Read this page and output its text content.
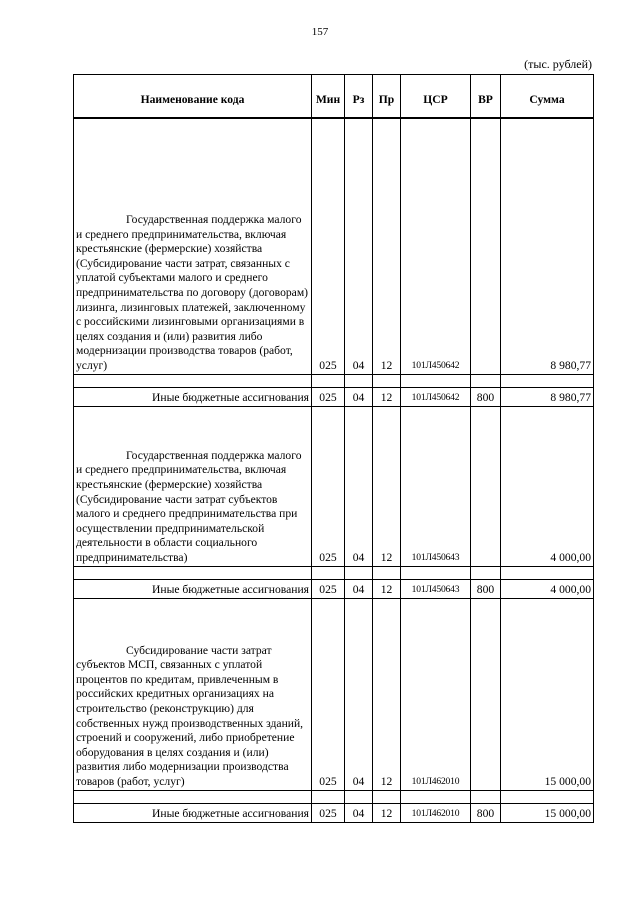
157
(тыс. рублей)
Наименование кода	Мин	Рз	Пр	ЦСР	ВР	Сумма
Государственная поддержка малого и среднего предпринимательства, включая крестьянские (фермерские) хозяйства (Субсидирование части затрат, связанных с уплатой субъектами малого и среднего предпринимательства по договору (договорам) лизинга, лизинговых платежей, заключенному с российскими лизинговыми организациями в целях создания и (или) развития либо модернизации производства товаров (работ, услуг)	025	04	12	101Л450642		8 980,77

Иные бюджетные ассигнования	025	04	12	101Л450642	800	8 980,77
Государственная поддержка малого и среднего предпринимательства, включая крестьянские (фермерские) хозяйства (Субсидирование части затрат субъектов малого и среднего предпринимательства при осуществлении предпринимательской деятельности в области социального предпринимательства)	025	04	12	101Л450643		4 000,00

Иные бюджетные ассигнования	025	04	12	101Л450643	800	4 000,00
Субсидирование части затрат субъектов МСП, связанных с уплатой процентов по кредитам, привлеченным в российских кредитных организациях на строительство (реконструкцию) для собственных нужд производственных зданий, строений и сооружений, либо приобретение оборудования в целях создания и (или) развития либо модернизации производства товаров (работ, услуг)	025	04	12	101Л462010		15 000,00

Иные бюджетные ассигнования	025	04	12	101Л462010	800	15 000,00
